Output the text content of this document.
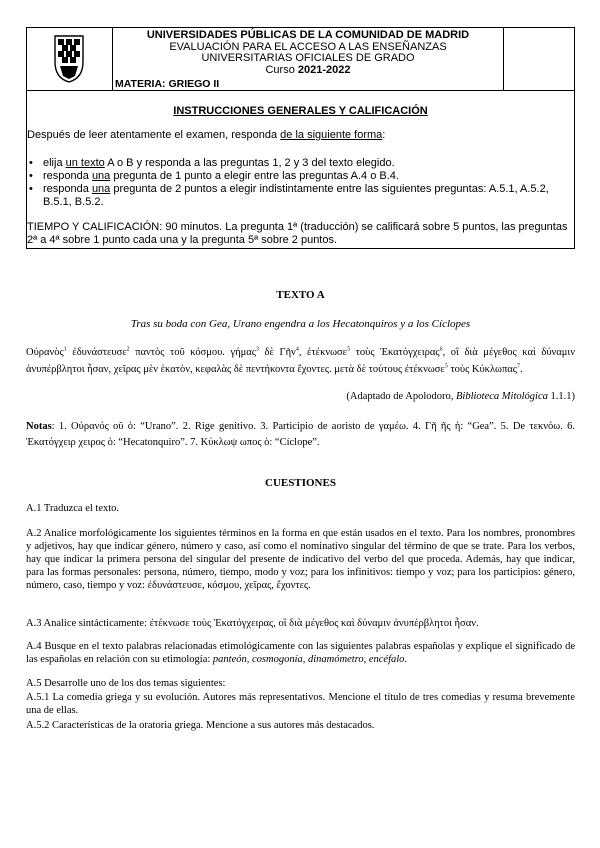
UNIVERSIDADES PÚBLICAS DE LA COMUNIDAD DE MADRID
EVALUACIÓN PARA EL ACCESO A LAS ENSEÑANZAS
UNIVERSITARIAS OFICIALES DE GRADO
Curso 2021-2022
MATERIA: GRIEGO II
INSTRUCCIONES GENERALES Y CALIFICACIÓN
Después de leer atentamente el examen, responda de la siguiente forma:
• elija un texto A o B y responda a las preguntas 1, 2 y 3 del texto elegido.
• responda una pregunta de 1 punto a elegir entre las preguntas A.4 o B.4.
• responda una pregunta de 2 puntos a elegir indistintamente entre las siguientes preguntas: A.5.1, A.5.2,
B.5.1, B.5.2.
TIEMPO Y CALIFICACIÓN: 90 minutos. La pregunta 1ª (traducción) se calificará sobre 5 puntos, las preguntas 2ª a 4ª sobre 1 punto cada una y la pregunta 5ª sobre 2 puntos.
TEXTO A
Tras su boda con Gea, Urano engendra a los Hecatonquiros y a los Cíclopes
Οὐρανὸς$^1$ ἐδυνάστευσε$^2$ παντὸς τοῦ κόσμου. γήμας$^3$ δὲ Γῆν$^4$, ἐτέκνωσε$^5$ τοὺς Ἑκατόγχειρας$^6$, οἳ διὰ μέγεθος καὶ δύναμιν ἀνυπέρβλητοι ἦσαν, χεῖρας μὲν ἑκατὸν, κεφαλὰς δὲ πεντήκοντα ἔχοντες. μετὰ δὲ τούτους ἐτέκνωσε$^5$ τοὺς Κύκλωπας$^7$.
(Adaptado de Apolodoro, Biblioteca Mitológica 1.1.1)
Notas: 1. Οὐρανός οῦ ὁ: “Urano”. 2. Rige genitivo. 3. Participio de aoristo de γαμέω. 4. Γῆ ῆς ἡ: “Gea”. 5. De τεκνόω. 6. Ἑκατόγχειρ χειρος ὁ: “Hecatonquiro”. 7. Κύκλωψ ωπος ὁ: “Cíclope”.
CUESTIONES
A.1 Traduzca el texto.
A.2 Analice morfológicamente los siguientes términos en la forma en que están usados en el texto. Para los nombres, pronombres y adjetivos, hay que indicar género, número y caso, así como el nominativo singular del término de que se trate. Para los verbos, hay que indicar la primera persona del singular del presente de indicativo del verbo del que proceda. Además, hay que indicar, para las formas personales: persona, número, tiempo, modo y voz; para los infinitivos: tiempo y voz; para los participios: género, número, caso, tiempo y voz: ἐδυνάστευσε, κόσμου, χεῖρας, ἔχοντες.
A.3 Analice sintácticamente: ἐτέκνωσε τοὺς Ἑκατόγχειρας, οἳ διὰ μέγεθος καὶ δύναμιν ἀνυπέρβλητοι ἦσαν.
A.4 Busque en el texto palabras relacionadas etimológicamente con las siguientes palabras españolas y explique el significado de las españolas en relación con su etimología: panteón, cosmogonía, dinamómetro, encéfalo.
A.5 Desarrolle uno de los dos temas siguientes:
A.5.1 La comedia griega y su evolución. Autores más representativos. Mencione el título de tres comedias y resuma brevemente una de ellas.
A.5.2 Características de la oratoria griega. Mencione a sus autores más destacados.
